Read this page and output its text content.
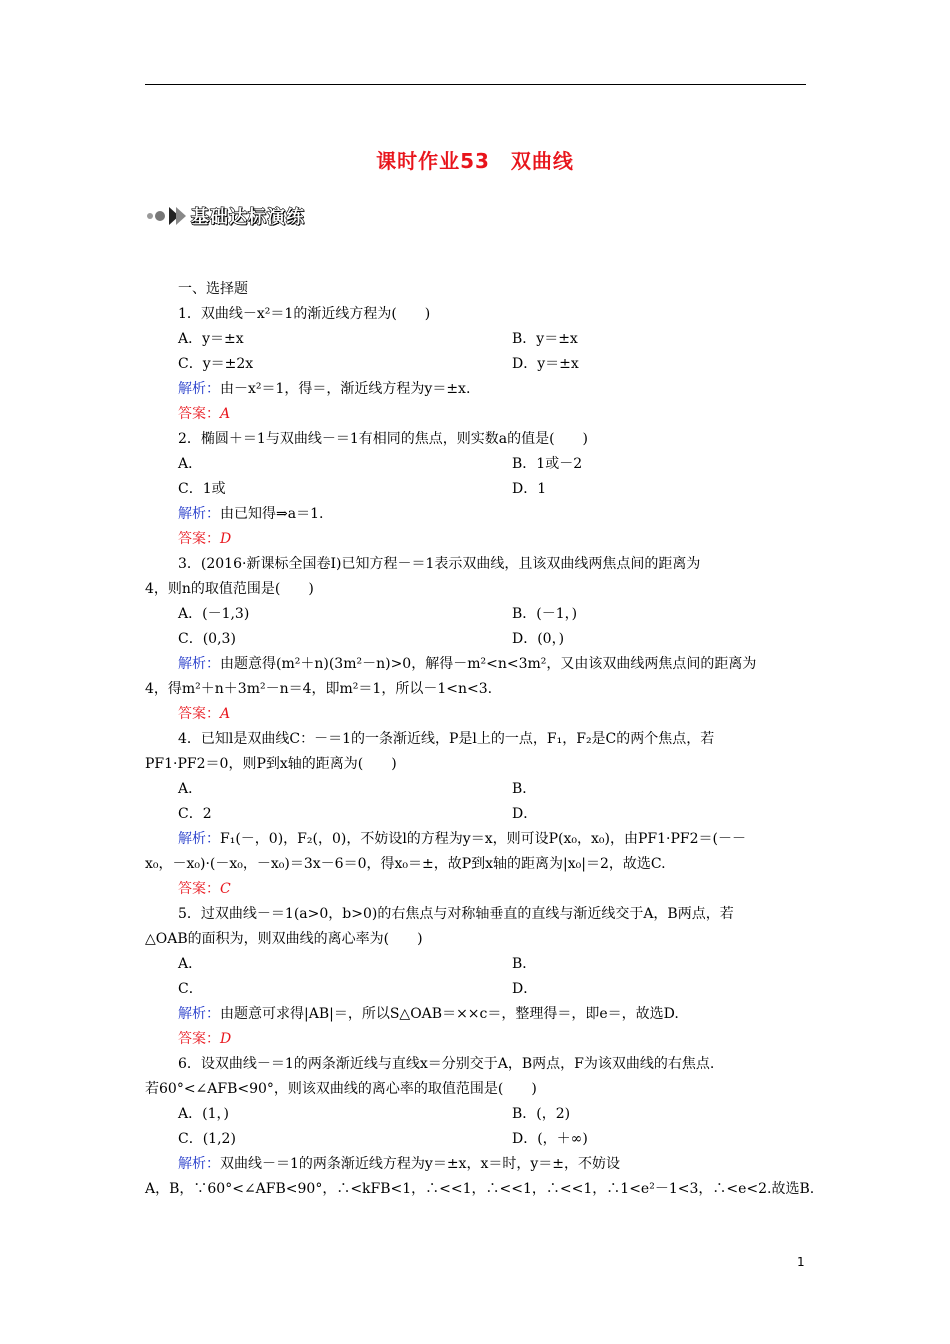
课时作业53　双曲线
基础达标演练
一、选择题
1．双曲线－x²＝1的渐近线方程为(　　)
A．y＝±x	B．y＝±x
C．y＝±2x	D．y＝±x
解析：由－x²＝1，得＝，渐近线方程为y＝±x.
答案：A
2．椭圆＋＝1与双曲线－＝1有相同的焦点，则实数a的值是(　　)
A．	B．1或－2
C．1或	D．1
解析：由已知得⇒a＝1.
答案：D
3．(2016·新课标全国卷Ⅰ)已知方程－＝1表示双曲线，且该双曲线两焦点间的距离为
4，则n的取值范围是(　　)
A．(－1,3)	B．(－1，)
C．(0,3)	D．(0，)
解析：由题意得(m²＋n)(3m²－n)>0，解得－m²<n<3m²，又由该双曲线两焦点间的距离为
4，得m²＋n＋3m²－n＝4，即m²＝1，所以－1<n<3.
答案：A
4．已知l是双曲线C：－＝1的一条渐近线，P是l上的一点，F₁，F₂是C的两个焦点，若
PF1·PF2＝0，则P到x轴的距离为(　　)
A．	B．
C．2	D．
解析：F₁(－，0)，F₂(，0)，不妨设l的方程为y＝x，则可设P(x₀，x₀)，由PF1·PF2＝(－－
x₀，－x₀)·(－x₀，－x₀)＝3x－6＝0，得x₀＝±，故P到x轴的距离为|x₀|＝2，故选C.
答案：C
5．过双曲线－＝1(a>0，b>0)的右焦点与对称轴垂直的直线与渐近线交于A，B两点，若
△OAB的面积为，则双曲线的离心率为(　　)
A．	B．
C．	D．
解析：由题意可求得|AB|＝，所以S△OAB＝××c＝，整理得＝，即e＝，故选D.
答案：D
6．设双曲线－＝1的两条渐近线与直线x＝分别交于A，B两点，F为该双曲线的右焦点.
若60°<∠AFB<90°，则该双曲线的离心率的取值范围是(　　)
A．(1，)	B．(，2)
C．(1,2)	D．(，＋∞)
解析：双曲线－＝1的两条渐近线方程为y＝±x，x＝时，y＝±，不妨设
A，B，∵60°<∠AFB<90°，∴<kFB<1，∴<<1，∴<<1，∴<<1，∴1<e²－1<3，∴<e<2.故选B.
1
